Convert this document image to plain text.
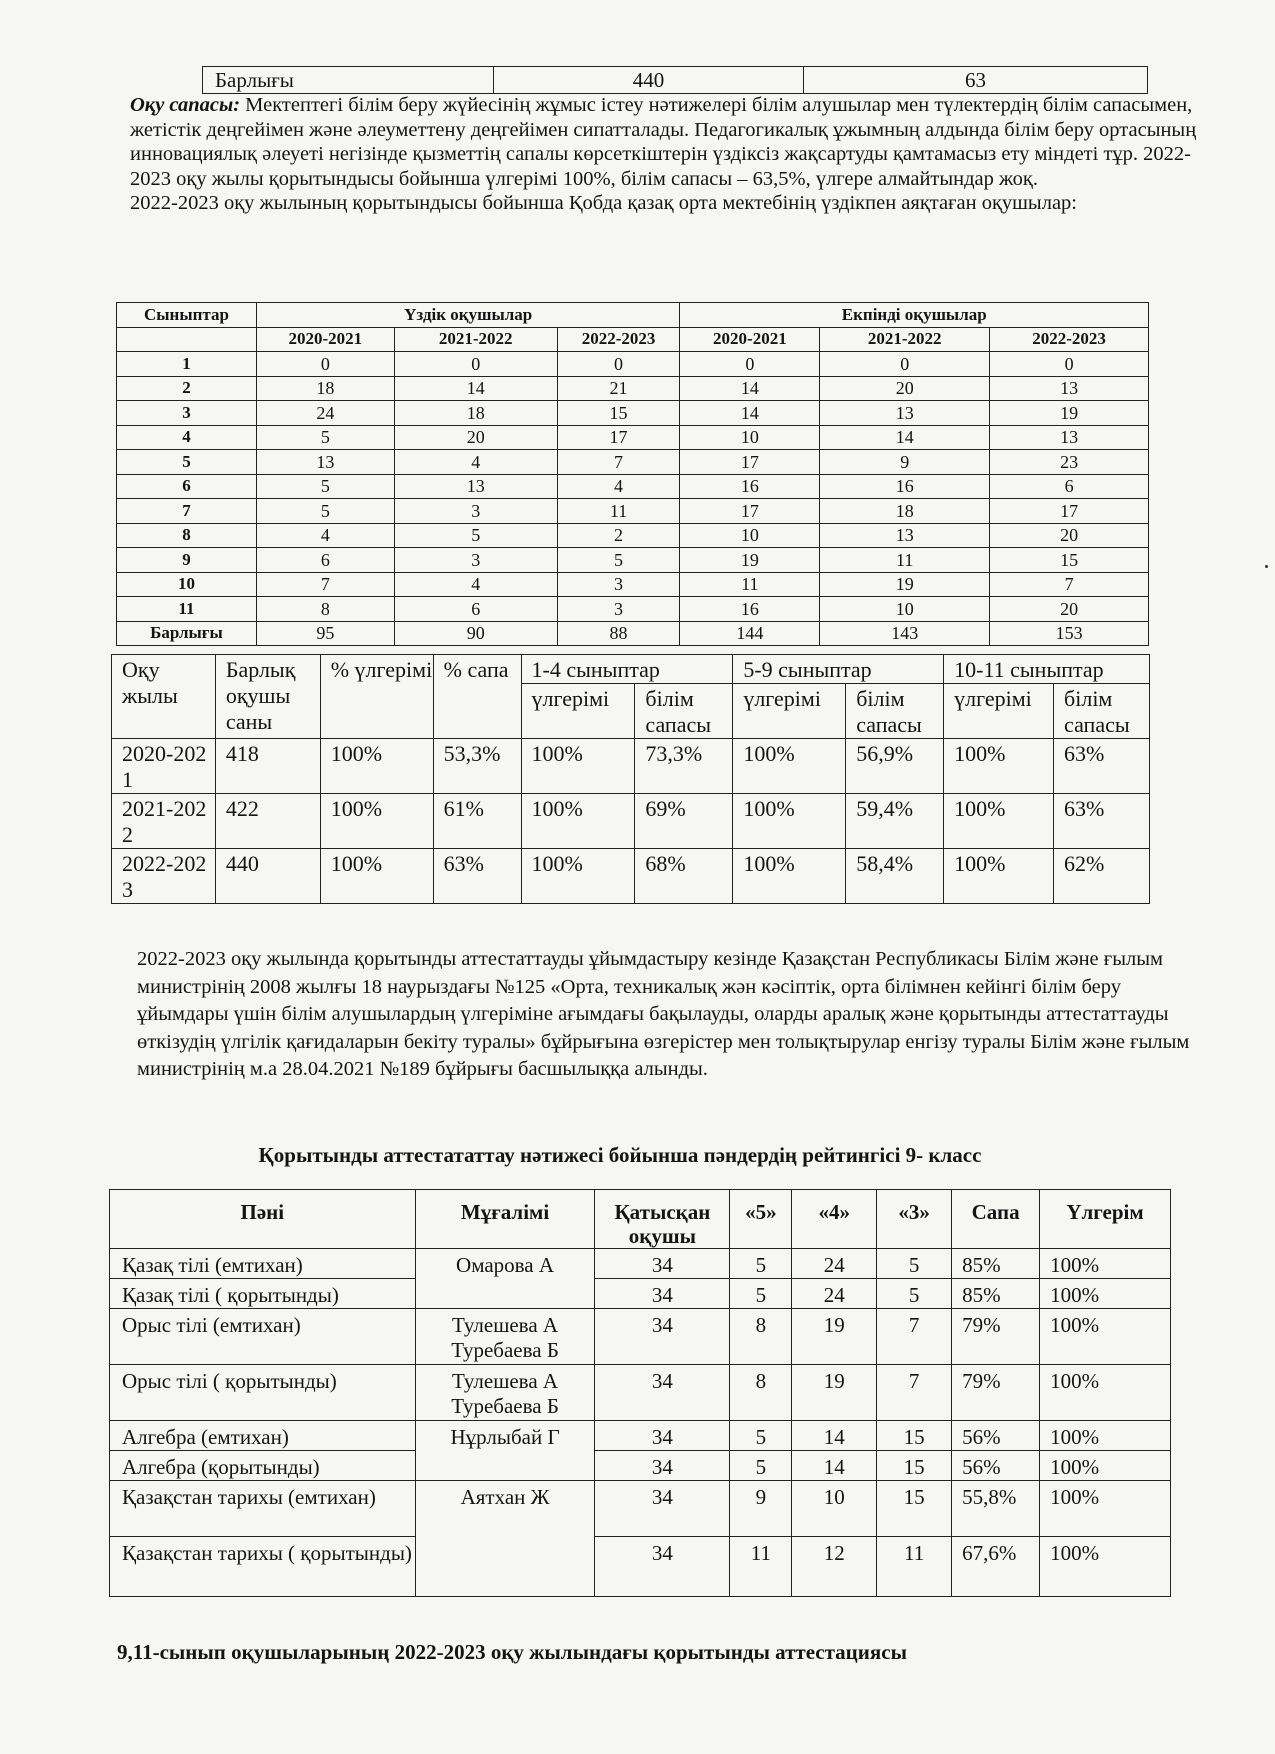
Барлығы	440	63
Оқу сапасы: Мектептегі білім беру жүйесінің жұмыс істеу нәтижелері білім алушылар мен түлектердің білім сапасымен, жетістік деңгейімен және әлеуметтену деңгейімен сипатталады. Педагогикалық ұжымның алдында білім беру ортасының инновациялық әлеуеті негізінде қызметтің сапалы көрсеткіштерін үздіксіз жақсартуды қамтамасыз ету міндеті тұр. 2022-2023 оқу жылы қорытындысы бойынша үлгерімі 100%, білім сапасы – 63,5%, үлгере алмайтындар жоқ.
2022-2023 оқу жылының қорытындысы бойынша Қобда қазақ орта мектебінің үздікпен аяқтаған оқушылар:
Сыныптар	Үздік оқушылар			Екпінді оқушылар		
	2020-2021	2021-2022	2022-2023	2020-2021	2021-2022	2022-2023
1	0	0	0	0	0	0
2	18	14	21	14	20	13
3	24	18	15	14	13	19
4	5	20	17	10	14	13
5	13	4	7	17	9	23
6	5	13	4	16	16	6
7	5	3	11	17	18	17
8	4	5	2	10	13	20
9	6	3	5	19	11	15
10	7	4	3	11	19	7
11	8	6	3	16	10	20
Барлығы	95	90	88	144	143	153
Оқу жылы	Барлық оқушы саны	% үлгерімі	% сапа	1-4 сыныптар		5-9 сыныптар		10-11 сыныптар	
				үлгерімі	білім сапасы	үлгерімі	білім сапасы	үлгерімі	білім сапасы
2020-2021	418	100%	53,3%	100%	73,3%	100%	56,9%	100%	63%
2021-2022	422	100%	61%	100%	69%	100%	59,4%	100%	63%
2022-2023	440	100%	63%	100%	68%	100%	58,4%	100%	62%
2022-2023 оқу жылында қорытынды аттестаттауды ұйымдастыру кезінде Қазақстан Республикасы Білім және ғылым министрінің 2008 жылғы 18 наурыздағы №125 «Орта, техникалық жән кәсіптік, орта білімнен кейінгі білім беру ұйымдары үшін білім алушылардың үлгеріміне ағымдағы бақылауды, оларды аралық және қорытынды аттестаттауды өткізудің үлгілік қағидаларын бекіту туралы» бұйрығына өзгерістер мен толықтырулар енгізу туралы Білім және ғылым министрінің м.а 28.04.2021 №189 бұйрығы басшылыққа алынды.
Қорытынды аттестататтау нәтижесі бойынша пәндердің рейтингісі 9- класс
Пәні	Мұғалімі	Қатысқан оқушы	«5»	«4»	«3»	Сапа	Үлгерім
Қазақ тілі (емтихан)	Омарова А	34	5	24	5	85%	100%
Қазақ тілі ( қорытынды)		34	5	24	5	85%	100%
Орыс тілі (емтихан)	Тулешева А Туребаева Б	34	8	19	7	79%	100%
Орыс тілі ( қорытынды)	Тулешева А Туребаева Б	34	8	19	7	79%	100%
Алгебра (емтихан)	Нұрлыбай Г	34	5	14	15	56%	100%
Алгебра (қорытынды)		34	5	14	15	56%	100%
Қазақстан тарихы (емтихан)	Аятхан Ж	34	9	10	15	55,8%	100%
Қазақстан тарихы ( қорытынды)		34	11	12	11	67,6%	100%
9,11-сынып оқушыларының 2022-2023 оқу жылындағы қорытынды аттестациясы
